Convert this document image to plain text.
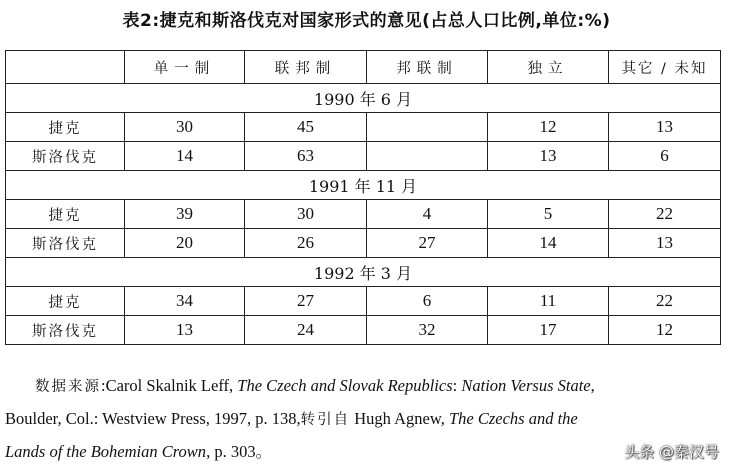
表2:捷克和斯洛伐克对国家形式的意见(占总人口比例,单位:%)
	单一制	联邦制	邦联制	独立	其它 / 未知
1990 年 6 月					
捷克	30	45		12	13
斯洛伐克	14	63		13	6
1991 年 11 月					
捷克	39	30	4	5	22
斯洛伐克	20	26	27	14	13
1992 年 3 月					
捷克	34	27	6	11	22
斯洛伐克	13	24	32	17	12
数据来源:Carol Skalnik Leff, The Czech and Slovak Republics: Nation Versus State,
Boulder, Col.: Westview Press, 1997, p. 138,转引自 Hugh Agnew, The Czechs and the
Lands of the Bohemian Crown, p. 303。	头条 @秦汉号
